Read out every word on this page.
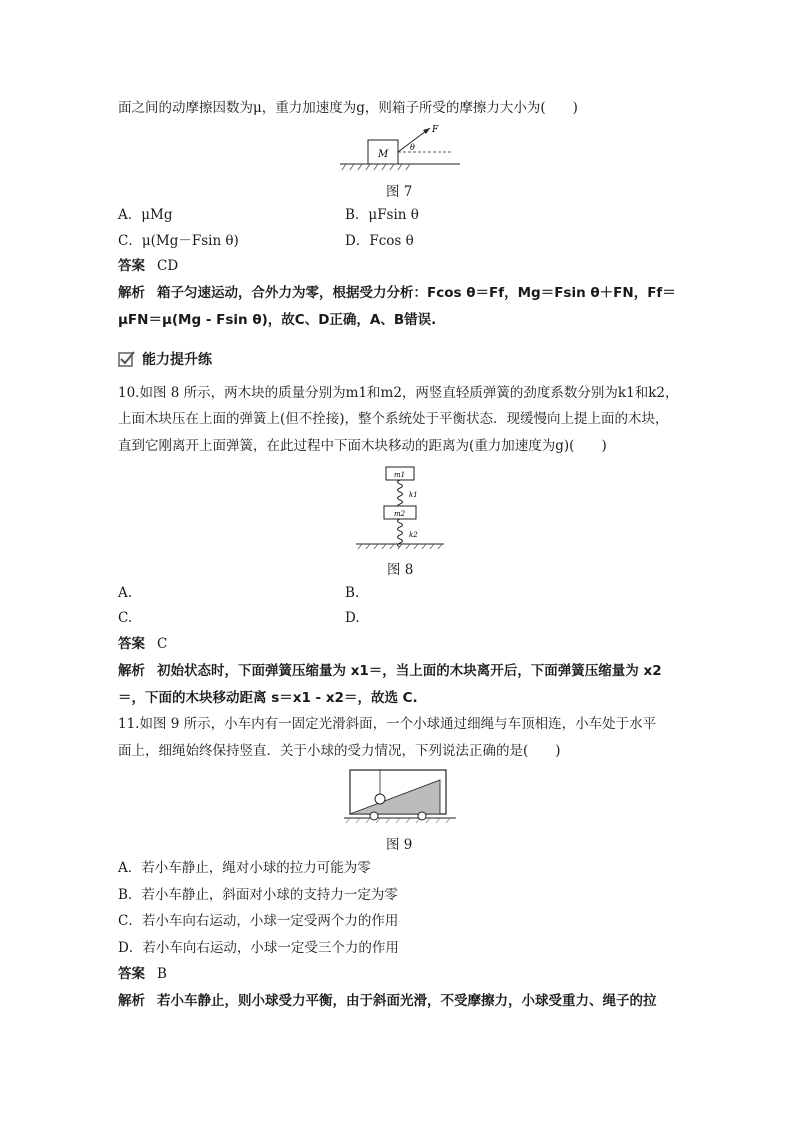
面之间的动摩擦因数为μ，重力加速度为g，则箱子所受的摩擦力大小为(　　)
M
F
θ
图 7
A．μMg	B．μFsin θ
C．μ(Mg－Fsin θ)	D．Fcos θ
答案 CD
解析 箱子匀速运动，合外力为零，根据受力分析：Fcos θ＝Ff，Mg＝Fsin θ＋FN，Ff＝
μFN＝μ(Mg - Fsin θ)，故C、D正确，A、B错误.
能力提升练
10.如图 8 所示，两木块的质量分别为m1和m2，两竖直轻质弹簧的劲度系数分别为k1和k2，
上面木块压在上面的弹簧上(但不拴接)，整个系统处于平衡状态．现缓慢向上提上面的木块，
直到它刚离开上面弹簧，在此过程中下面木块移动的距离为(重力加速度为g)(　　)
m1
k1
m2
k2
图 8
A.	B.
C.	D.
答案 C
解析 初始状态时，下面弹簧压缩量为 x1＝，当上面的木块离开后，下面弹簧压缩量为 x2
＝，下面的木块移动距离 s＝x1 - x2＝，故选 C.
11.如图 9 所示，小车内有一固定光滑斜面，一个小球通过细绳与车顶相连，小车处于水平
面上，细绳始终保持竖直．关于小球的受力情况，下列说法正确的是(　　)
图 9
A．若小车静止，绳对小球的拉力可能为零
B．若小车静止，斜面对小球的支持力一定为零
C．若小车向右运动，小球一定受两个力的作用
D．若小车向右运动，小球一定受三个力的作用
答案 B
解析 若小车静止，则小球受力平衡，由于斜面光滑，不受摩擦力，小球受重力、绳子的拉
